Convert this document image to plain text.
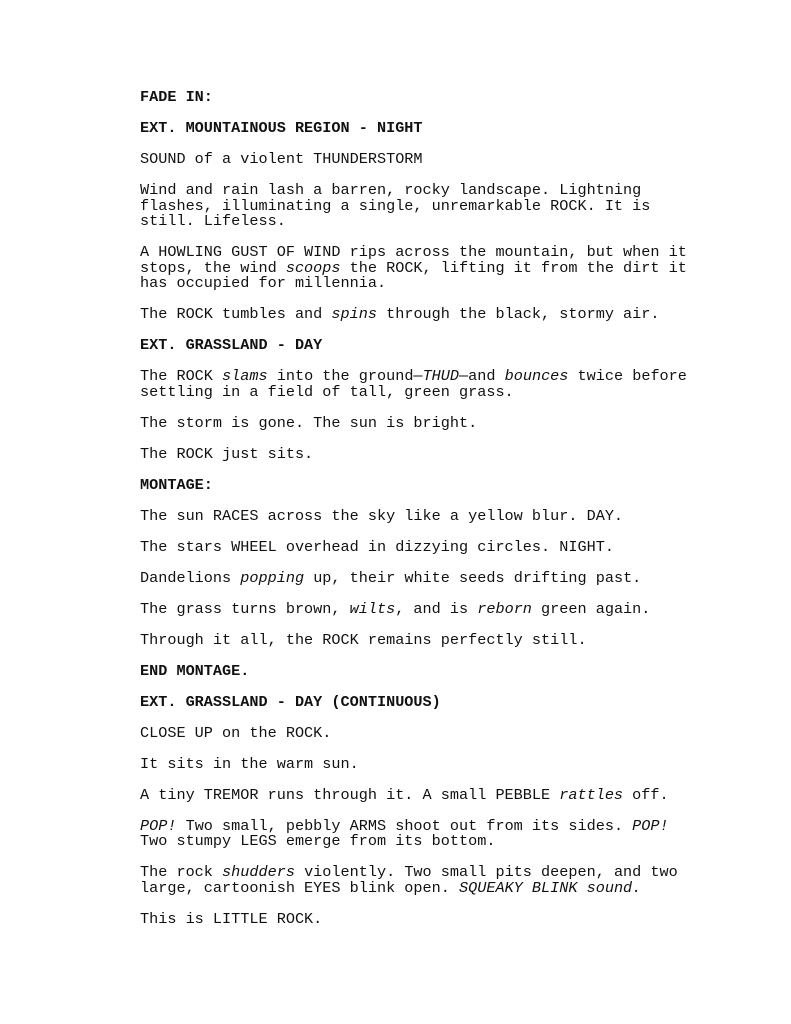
FADE IN:

EXT. MOUNTAINOUS REGION - NIGHT

SOUND of a violent THUNDERSTORM

Wind and rain lash a barren, rocky landscape. Lightning flashes, illuminating a single, unremarkable ROCK. It is still. Lifeless.

A HOWLING GUST OF WIND rips across the mountain, but when it stops, the wind scoops the ROCK, lifting it from the dirt it has occupied for millennia.

The ROCK tumbles and spins through the black, stormy air.

EXT. GRASSLAND - DAY

The ROCK slams into the ground—THUD—and bounces twice before settling in a field of tall, green grass.

The storm is gone. The sun is bright.

The ROCK just sits.

MONTAGE:

The sun RACES across the sky like a yellow blur. DAY.

The stars WHEEL overhead in dizzying circles. NIGHT.

Dandelions popping up, their white seeds drifting past.

The grass turns brown, wilts, and is reborn green again.

Through it all, the ROCK remains perfectly still.

END MONTAGE.

EXT. GRASSLAND - DAY (CONTINUOUS)

CLOSE UP on the ROCK.

It sits in the warm sun.

A tiny TREMOR runs through it. A small PEBBLE rattles off.

POP! Two small, pebbly ARMS shoot out from its sides. POP! Two stumpy LEGS emerge from its bottom.

The rock shudders violently. Two small pits deepen, and two large, cartoonish EYES blink open. SQUEAKY BLINK sound.

This is LITTLE ROCK.
